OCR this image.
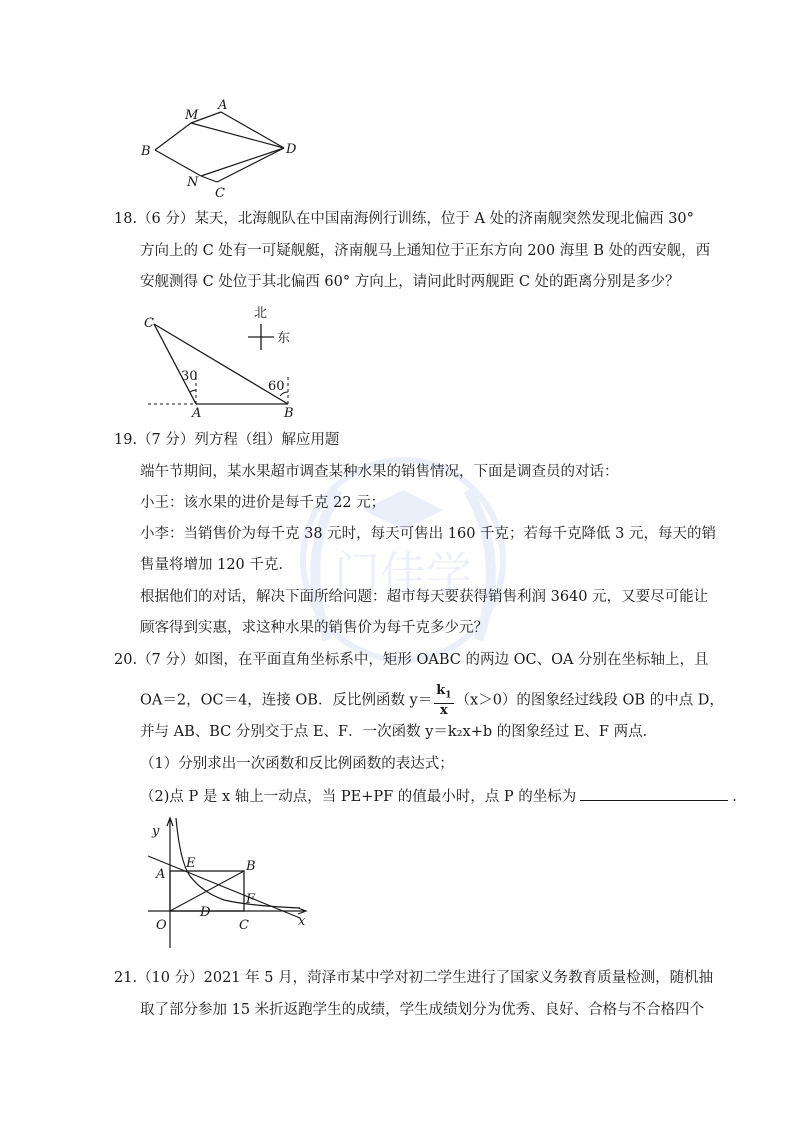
门​佳​学
A
M
B	D
N
C
18.（6 分）某天，北海舰队在中国南海例行训练，位于 A 处的济南舰突然发现北偏西 30°
方向上的 C 处有一可疑舰艇，济南舰马上通知位于正东方向 200 海里 B 处的西安舰，西
安舰测得 C 处位于其北偏西 60° 方向上，请问此时两舰距 C 处的距离分别是多少？
C
A	B
30
60
北
东
19.（7 分）列方程（组）解应用题
端午节期间，某水果超市调查某种水果的销售情况，下面是调查员的对话：
小王：该水果的进价是每千克 22 元；
小李：当销售价为每千克 38 元时，每天可售出 160 千克；若每千克降低 3 元，每天的销
售量将增加 120 千克.
根据他们的对话，解决下面所给问题：超市每天要获得销售利润 3640 元，又要尽可能让
顾客得到实惠，求这种水果的销售价为每千克多少元？
20.（7 分）如图，在平面直角坐标系中，矩形 OABC 的两边 OC、OA 分别在坐标轴上，且
OA＝2，OC＝4，连接 OB．反比例函数 $y= \frac{k_1}{x} (x>0)$的图象经过线段 OB 的中点 D，
并与 AB、BC 分别交于点 E、F．一次函数 y＝k₂x+b 的图象经过 E、F 两点．
（1）分别求出一次函数和反比例函数的表达式；
（2)点 P 是 x 轴上一动点，当 PE+PF 的值最小时，点 P 的坐标为	.
y
x
O
A
B
C
D
E
F
21.（10 分）2021 年 5 月，菏泽市某中学对初二学生进行了国家义务教育质量检测，随机抽
取了部分参加 15 米折返跑学生的成绩，学生成绩划分为优秀、良好、合格与不合格四个
